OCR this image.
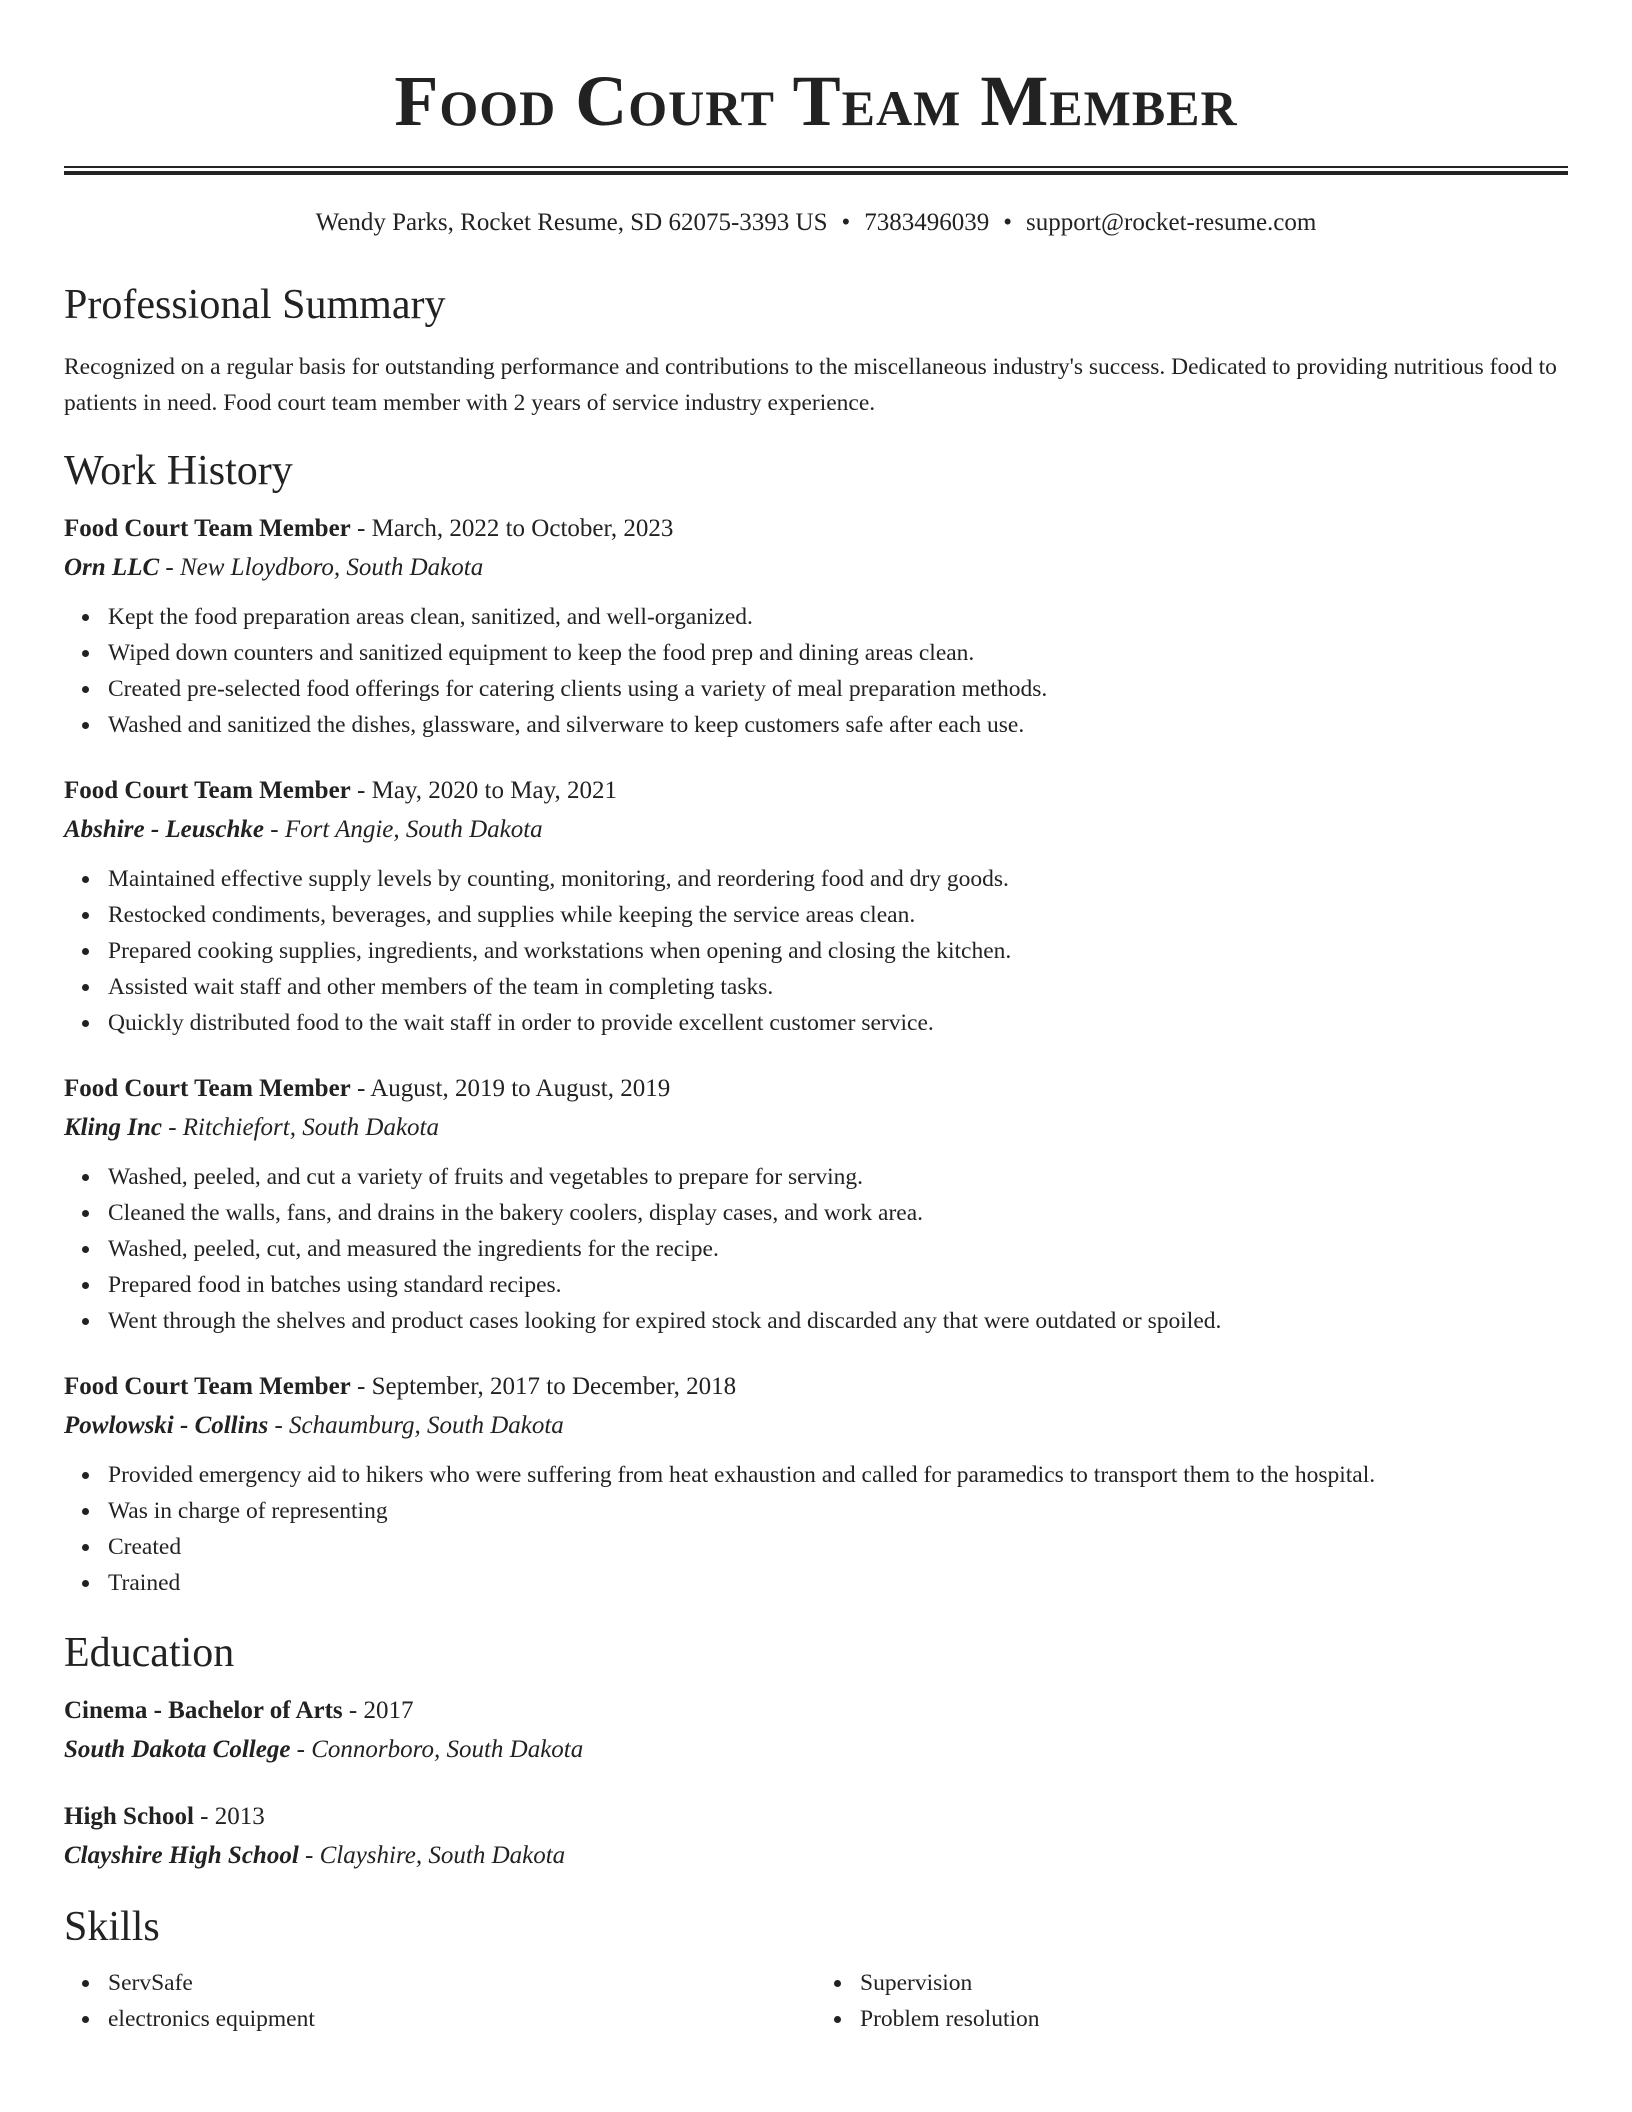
Food Court Team Member
Wendy Parks, Rocket Resume, SD 62075-3393 US • 7383496039 • support@rocket-resume.com
Professional Summary

Recognized on a regular basis for outstanding performance and contributions to the miscellaneous industry's success. Dedicated to providing nutritious food to patients in need. Food court team member with 2 years of service industry experience.

Work History
Food Court Team Member - March, 2022 to October, 2023
Orn LLC - New Lloydboro, South Dakota
Kept the food preparation areas clean, sanitized, and well-organized.
Wiped down counters and sanitized equipment to keep the food prep and dining areas clean.
Created pre-selected food offerings for catering clients using a variety of meal preparation methods.
Washed and sanitized the dishes, glassware, and silverware to keep customers safe after each use.
Food Court Team Member - May, 2020 to May, 2021
Abshire - Leuschke - Fort Angie, South Dakota
Maintained effective supply levels by counting, monitoring, and reordering food and dry goods.
Restocked condiments, beverages, and supplies while keeping the service areas clean.
Prepared cooking supplies, ingredients, and workstations when opening and closing the kitchen.
Assisted wait staff and other members of the team in completing tasks.
Quickly distributed food to the wait staff in order to provide excellent customer service.
Food Court Team Member - August, 2019 to August, 2019
Kling Inc - Ritchiefort, South Dakota
Washed, peeled, and cut a variety of fruits and vegetables to prepare for serving.
Cleaned the walls, fans, and drains in the bakery coolers, display cases, and work area.
Washed, peeled, cut, and measured the ingredients for the recipe.
Prepared food in batches using standard recipes.
Went through the shelves and product cases looking for expired stock and discarded any that were outdated or spoiled.
Food Court Team Member - September, 2017 to December, 2018
Powlowski - Collins - Schaumburg, South Dakota
Provided emergency aid to hikers who were suffering from heat exhaustion and called for paramedics to transport them to the hospital.
Was in charge of representing
Created
Trained
Education
Cinema - Bachelor of Arts - 2017
South Dakota College - Connorboro, South Dakota
High School - 2013
Clayshire High School - Clayshire, South Dakota
Skills
ServSafe
electronics equipment
Supervision
Problem resolution
